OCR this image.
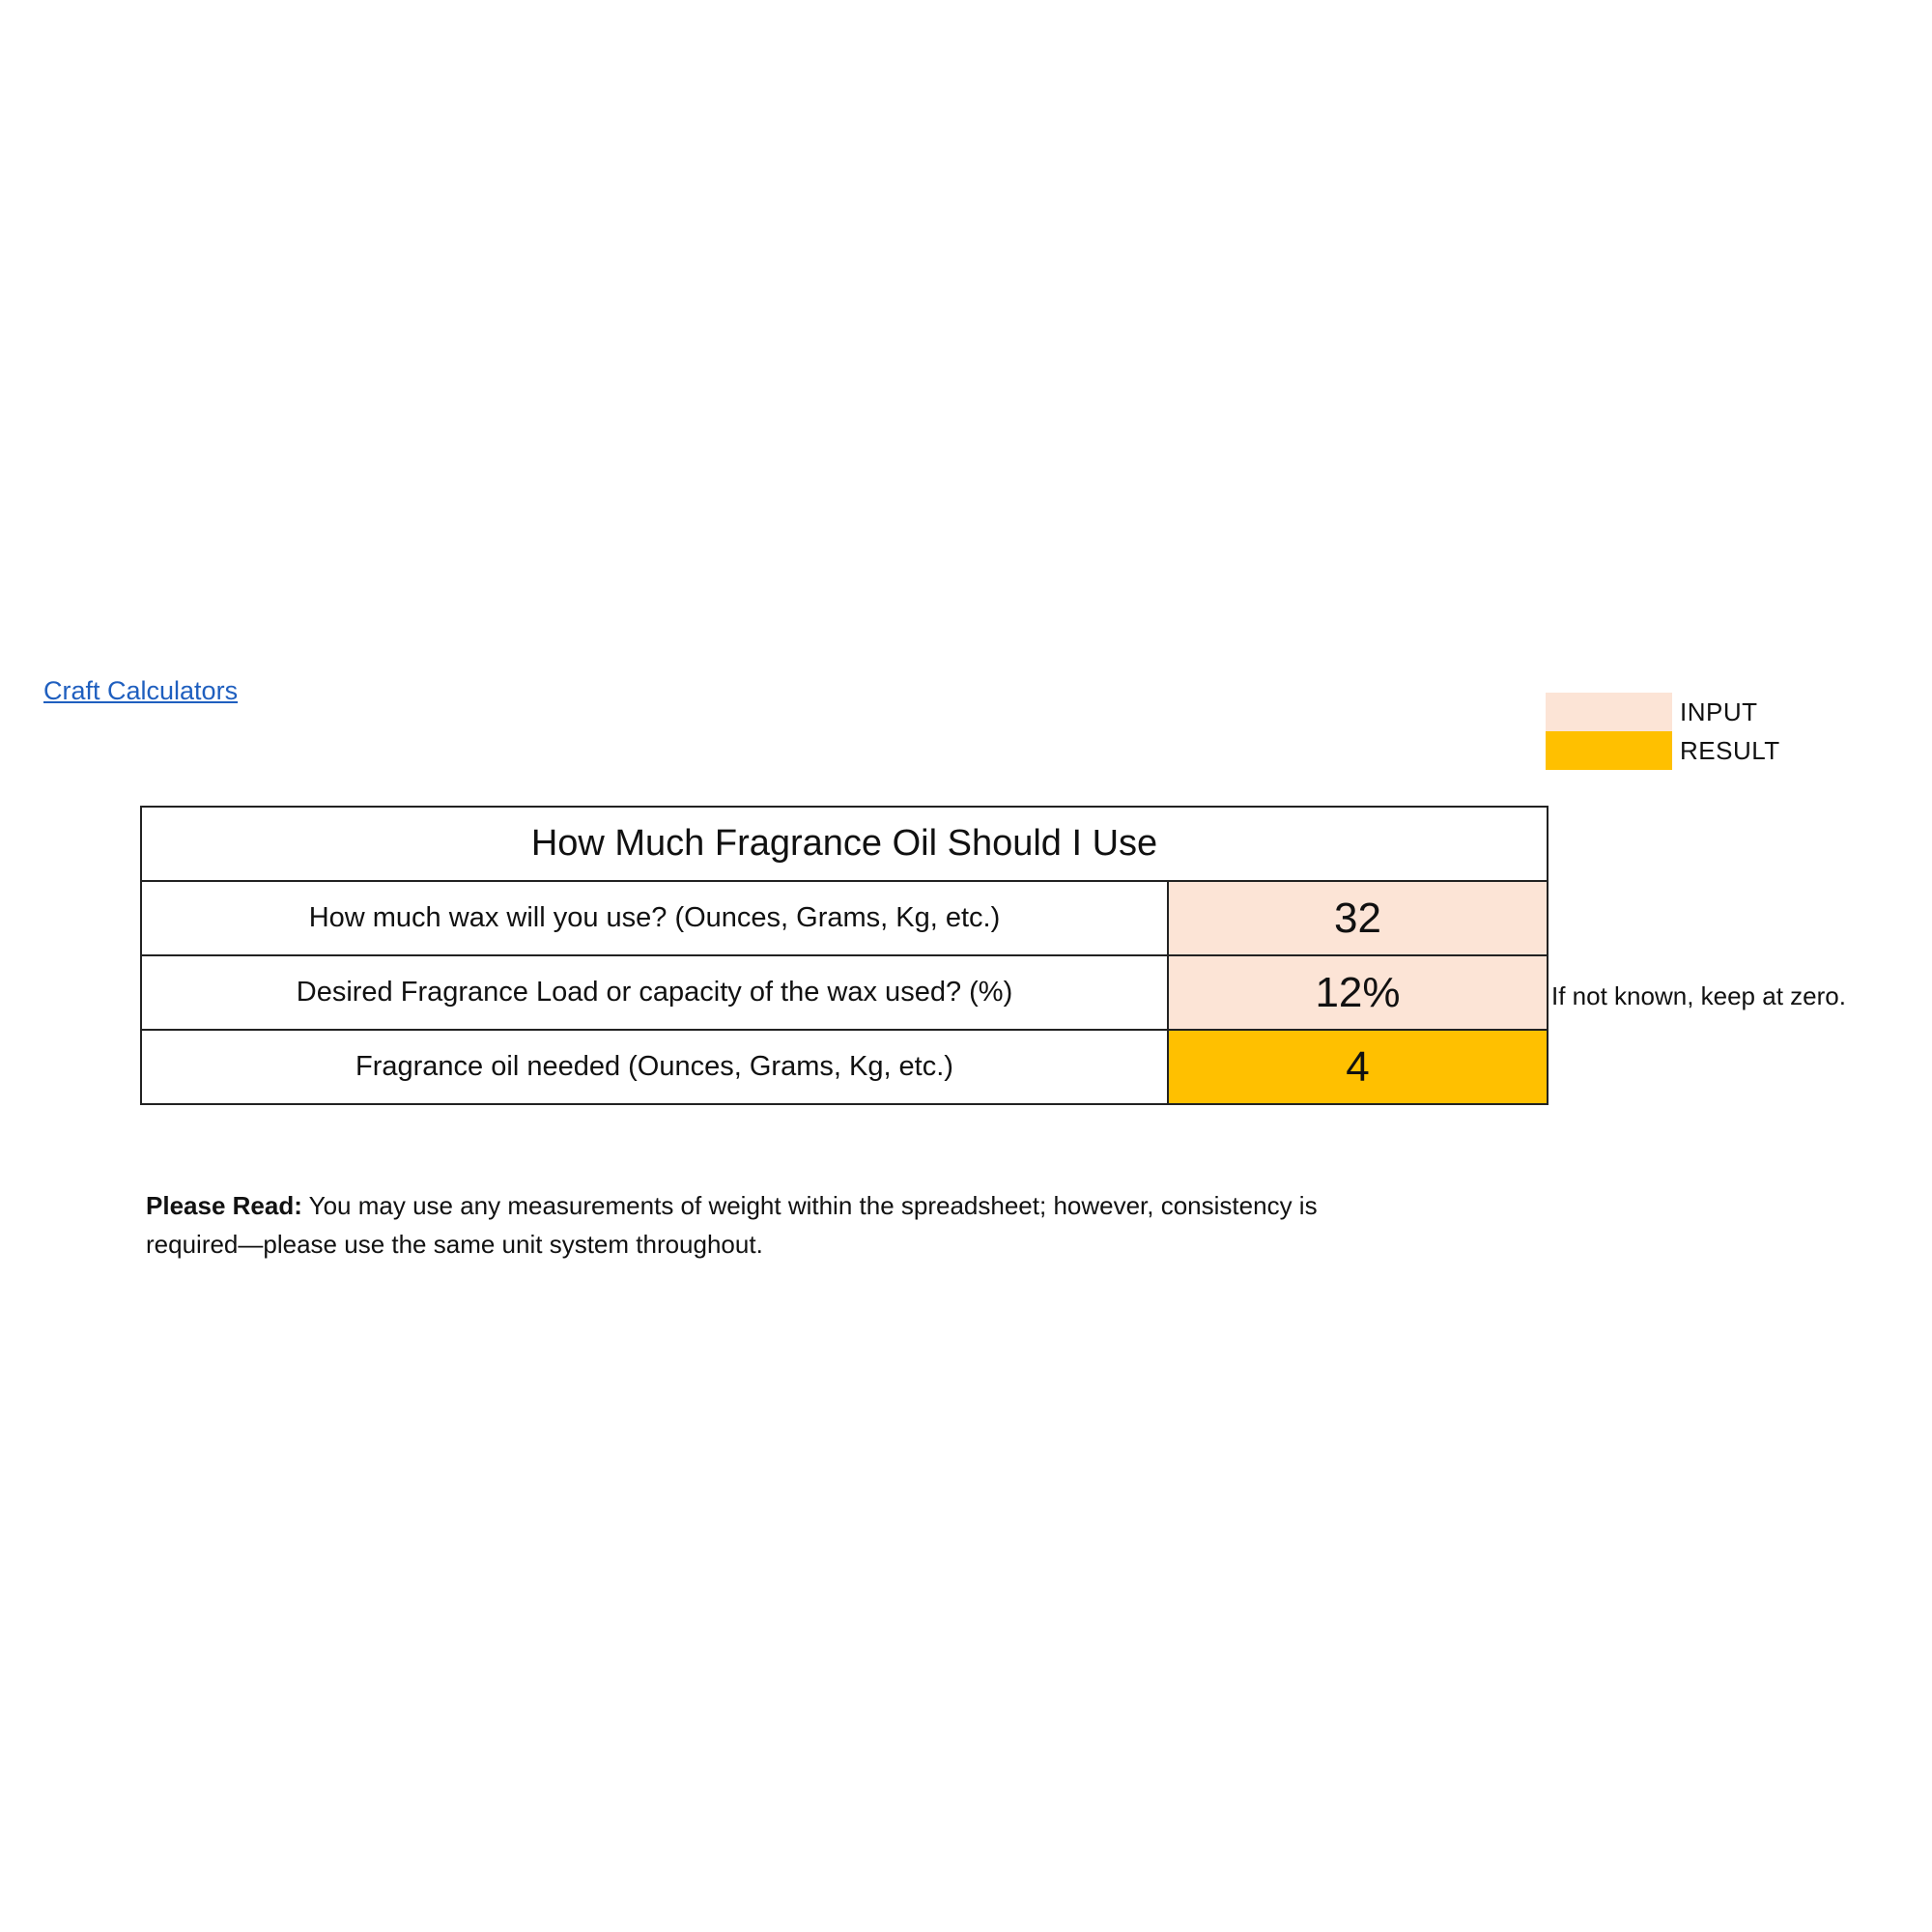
Craft Calculators
INPUT
RESULT
How Much Fragrance Oil Should I Use	
How much wax will you use? (Ounces, Grams, Kg, etc.)	32
Desired Fragrance Load or capacity of the wax used? (%)	12%
Fragrance oil needed (Ounces, Grams, Kg, etc.)	4
If not known, keep at zero.
Please Read: You may use any measurements of weight within the spreadsheet; however, consistency is required—please use the same unit system throughout.
